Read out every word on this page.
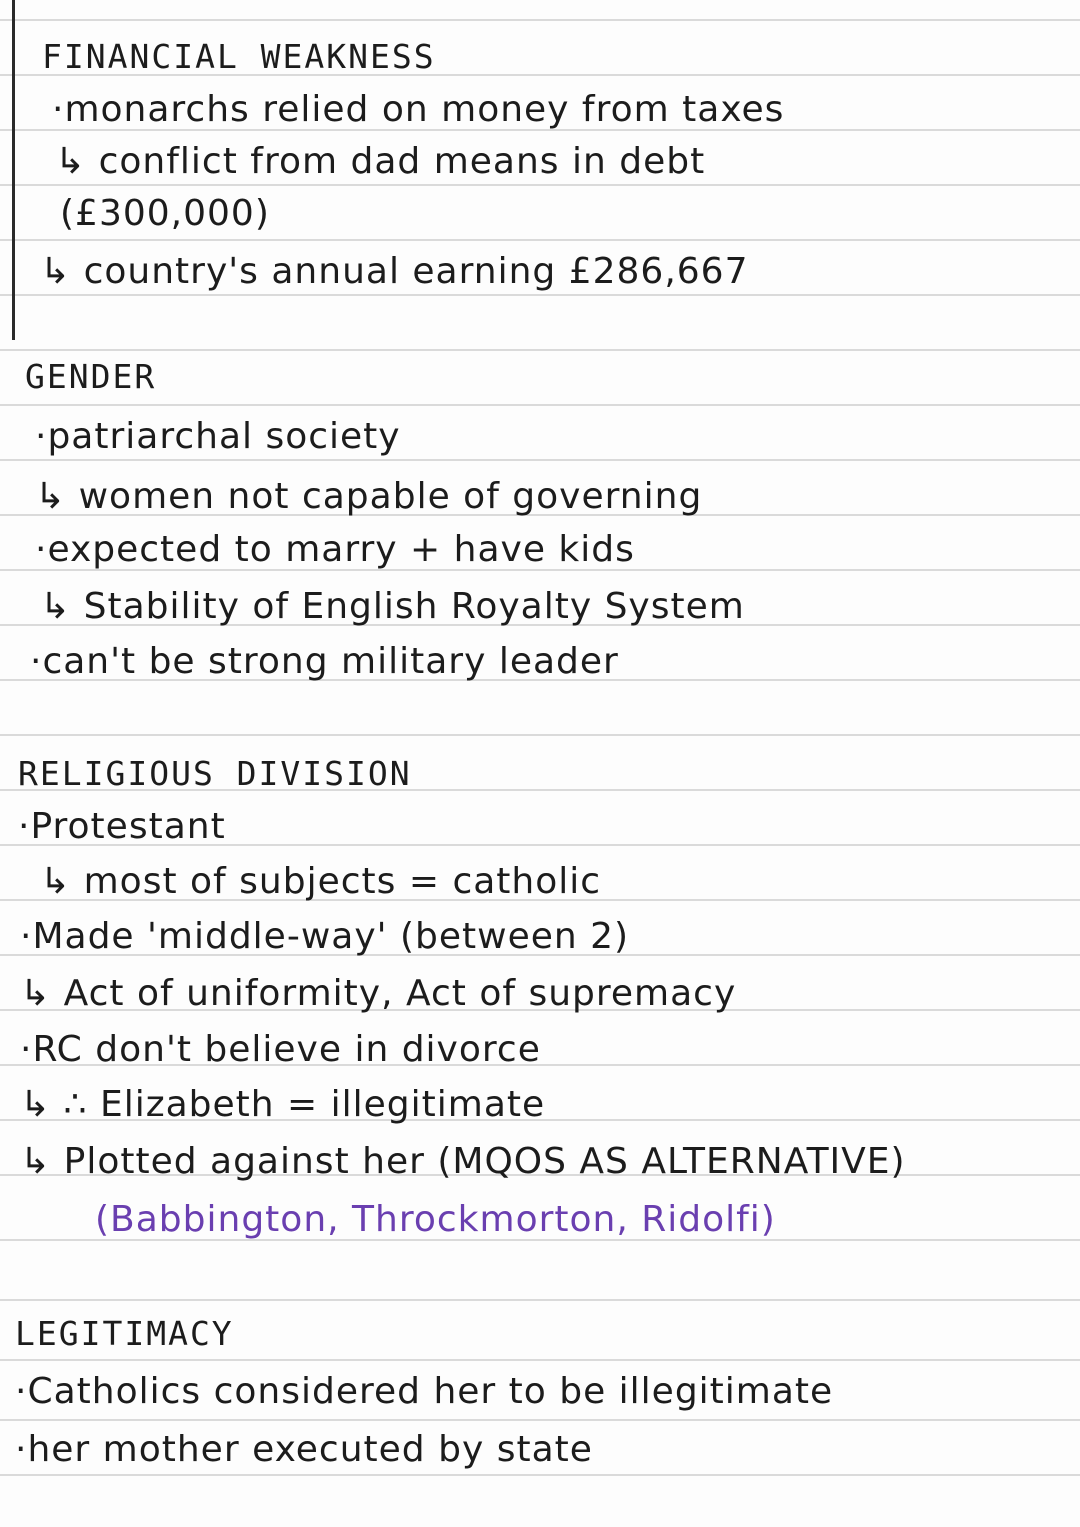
FINANCIAL WEAKNESS
·monarchs relied on money from taxes
↳ conflict from dad means in debt
(£300,000)
↳ country's annual earning £286,667
GENDER
·patriarchal society
↳ women not capable of governing
·expected to marry + have kids
↳ Stability of English Royalty System
·can't be strong military leader
RELIGIOUS DIVISION
·Protestant
↳ most of subjects = catholic
·Made 'middle-way' (between 2)
↳ Act of uniformity, Act of supremacy
·RC don't believe in divorce
↳ ∴ Elizabeth = illegitimate
↳ Plotted against her (MQOS AS ALTERNATIVE)
(Babbington, Throckmorton, Ridolfi)
LEGITIMACY
·Catholics considered her to be illegitimate
·her mother executed by state
